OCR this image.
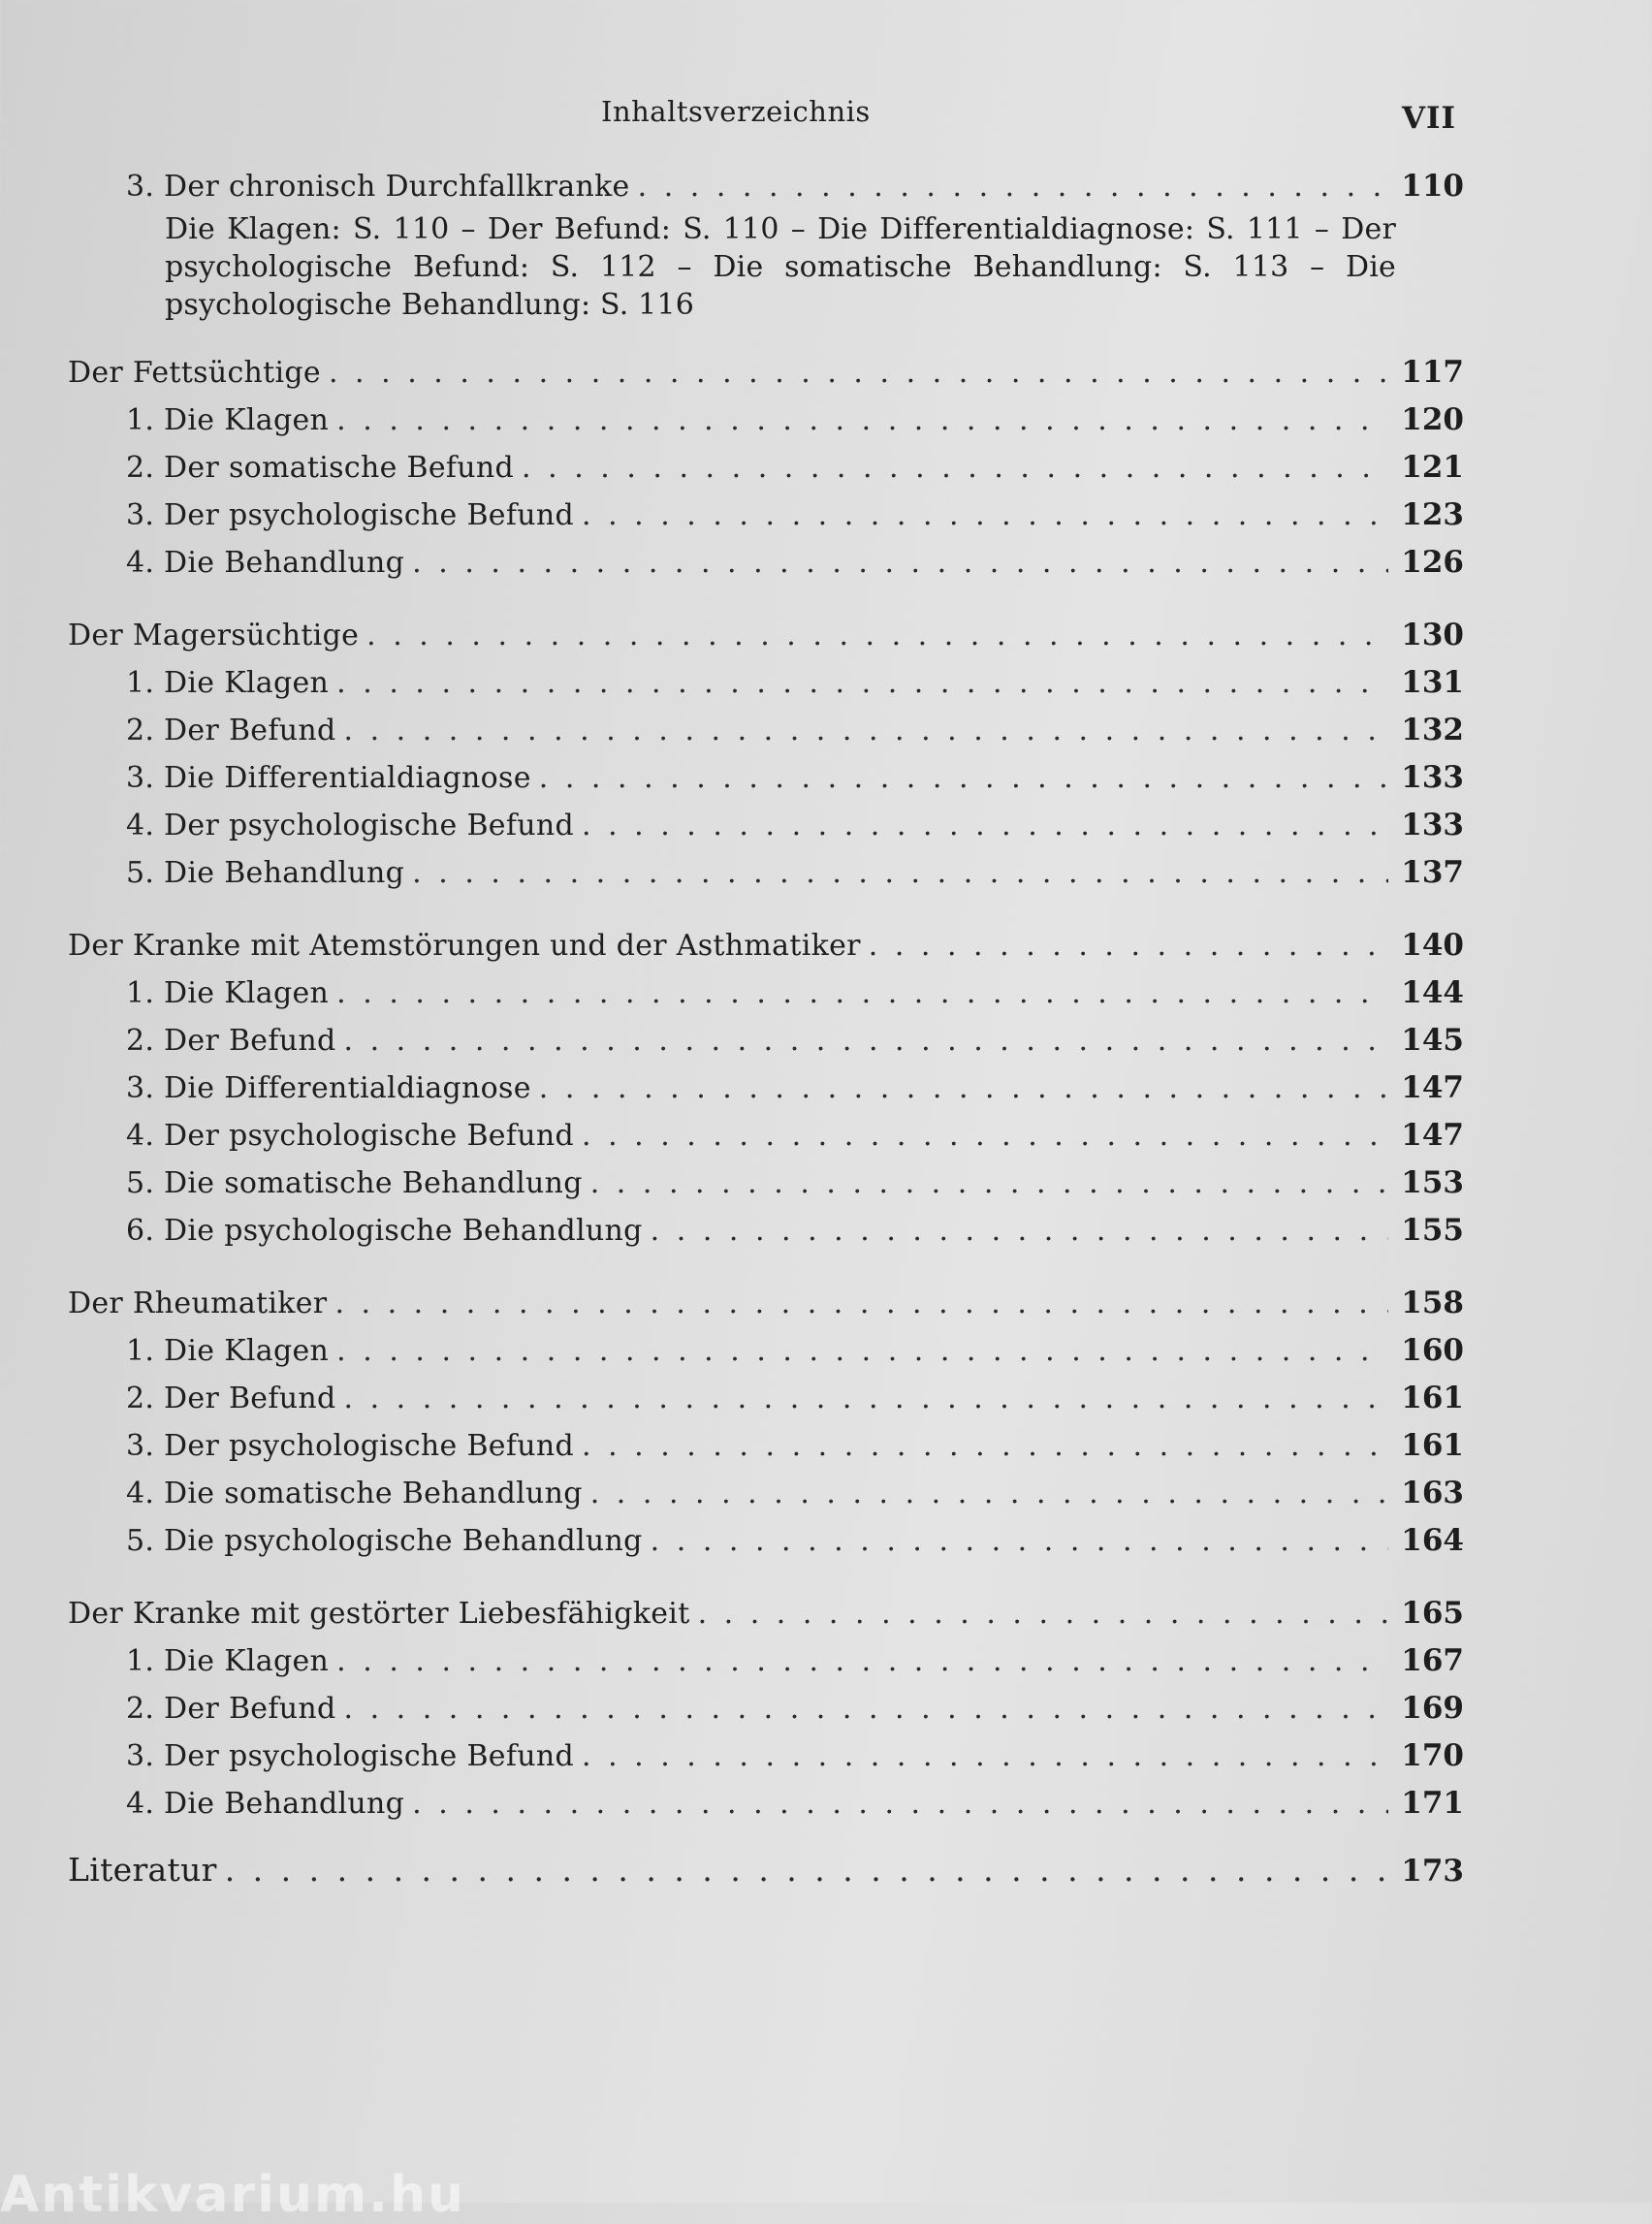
Inhaltsverzeichnis	VII
3. Der chronisch Durchfallkranke . . .	110
Die Klagen: S. 110 – Der Befund: S. 110 – Die Differentialdiagnose: S. 111 – Der psychologische Befund: S. 112 – Die somatische Behandlung: S. 113 – Die psychologische Behandlung: S. 116
Der Fettsüchtige . . .	117
1. Die Klagen . . .	120
2. Der somatische Befund . . .	121
3. Der psychologische Befund . . .	123
4. Die Behandlung . . .	126
Der Magersüchtige . . .	130
1. Die Klagen . . .	131
2. Der Befund . . .	132
3. Die Differentialdiagnose . . .	133
4. Der psychologische Befund . . .	133
5. Die Behandlung . . .	137
Der Kranke mit Atemstörungen und der Asthmatiker . . .	140
1. Die Klagen . . .	144
2. Der Befund . . .	145
3. Die Differentialdiagnose . . .	147
4. Der psychologische Befund . . .	147
5. Die somatische Behandlung . . .	153
6. Die psychologische Behandlung . . .	155
Der Rheumatiker . . .	158
1. Die Klagen . . .	160
2. Der Befund . . .	161
3. Der psychologische Befund . . .	161
4. Die somatische Behandlung . . .	163
5. Die psychologische Behandlung . . .	164
Der Kranke mit gestörter Liebesfähigkeit . . .	165
1. Die Klagen . . .	167
2. Der Befund . . .	169
3. Der psychologische Befund . . .	170
4. Die Behandlung . . .	171
Literatur . . .	173
Antikvarium.hu
